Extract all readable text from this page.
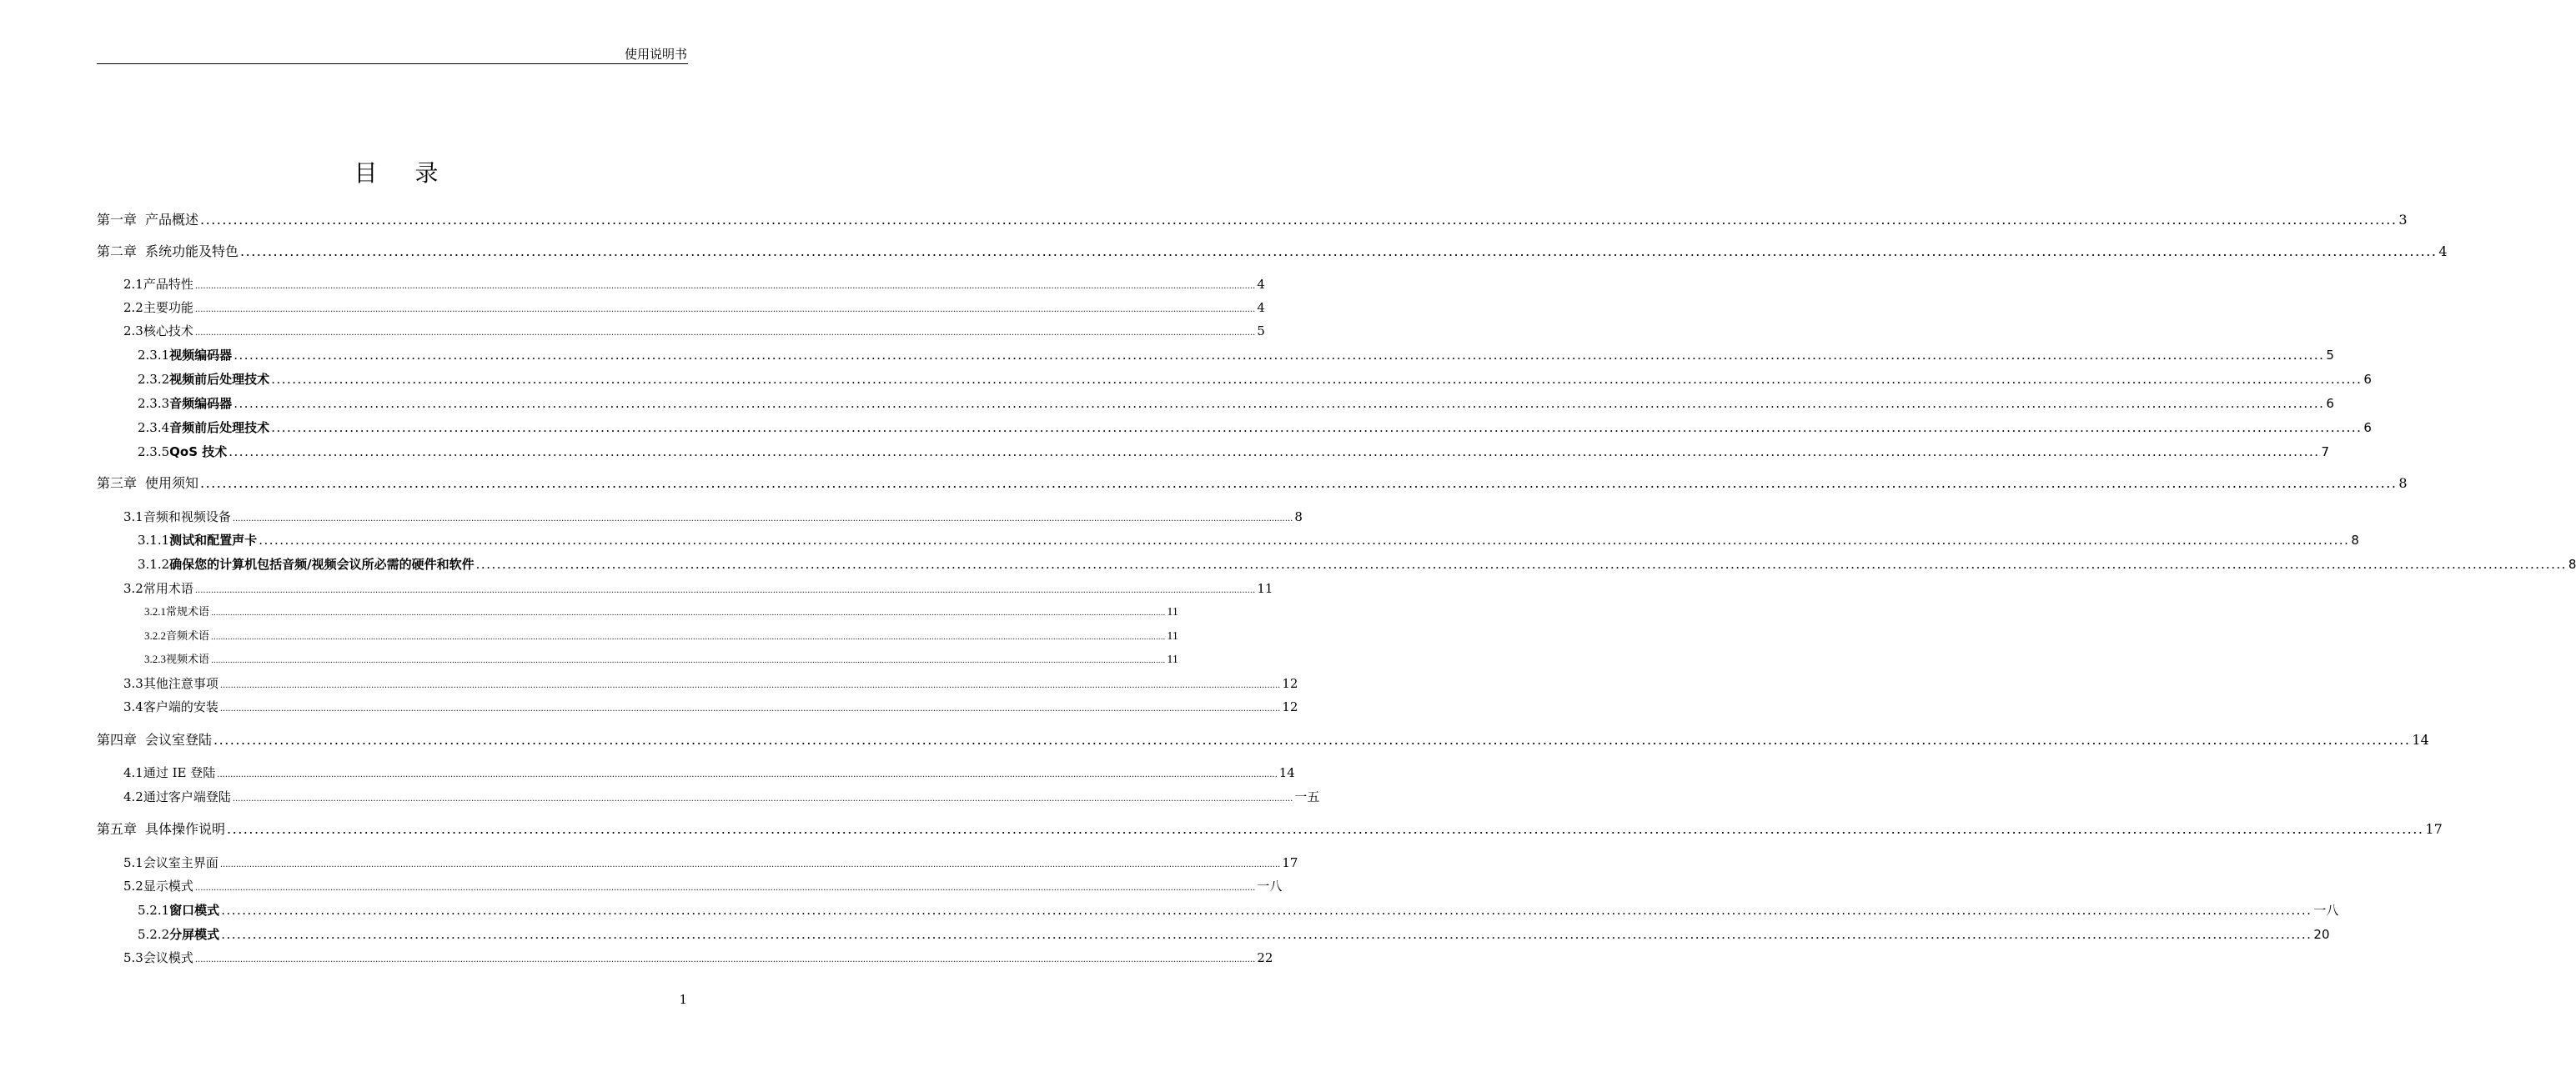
使用说明书
目 录
第一章 产品概述 ................................................................................................................................................................................................................................................................................................................................................................................................................ 3
第二章 系统功能及特色 ................................................................................................................................................................................................................................................................................................................................................................................................................ 4
2.1 产品特性 ................................................................................................................................................................................................................................................................................................................................................................................................................ 4
2.2 主要功能 ................................................................................................................................................................................................................................................................................................................................................................................................................ 4
2.3 核心技术 ................................................................................................................................................................................................................................................................................................................................................................................................................ 5
2.3.1 视频编码器 ................................................................................................................................................................................................................................................................................................................................................................................................................ 5
2.3.2 视频前后处理技术 ................................................................................................................................................................................................................................................................................................................................................................................................................ 6
2.3.3 音频编码器 ................................................................................................................................................................................................................................................................................................................................................................................................................ 6
2.3.4 音频前后处理技术 ................................................................................................................................................................................................................................................................................................................................................................................................................ 6
2.3.5 QoS 技术 ................................................................................................................................................................................................................................................................................................................................................................................................................ 7
第三章 使用须知 ................................................................................................................................................................................................................................................................................................................................................................................................................ 8
3.1 音频和视频设备 ................................................................................................................................................................................................................................................................................................................................................................................................................ 8
3.1.1 测试和配置声卡 ................................................................................................................................................................................................................................................................................................................................................................................................................ 8
3.1.2 确保您的计算机包括音频/视频会议所必需的硬件和软件 ................................................................................................................................................................................................................................................................................................................................................................................................................ 8
3.2 常用术语 ................................................................................................................................................................................................................................................................................................................................................................................................................ 11
3.2.1 常规术语 ................................................................................................................................................................................................................................................................................................................................................................................................................ 11
3.2.2 音频术语 ................................................................................................................................................................................................................................................................................................................................................................................................................ 11
3.2.3 视频术语 ................................................................................................................................................................................................................................................................................................................................................................................................................ 11
3.3 其他注意事项 ................................................................................................................................................................................................................................................................................................................................................................................................................ 12
3.4 客户端的安装 ................................................................................................................................................................................................................................................................................................................................................................................................................ 12
第四章 会议室登陆 ................................................................................................................................................................................................................................................................................................................................................................................................................ 14
4.1 通过 IE 登陆 ................................................................................................................................................................................................................................................................................................................................................................................................................ 14
4.2 通过客户端登陆 ................................................................................................................................................................................................................................................................................................................................................................................................................ 一五
第五章 具体操作说明 ................................................................................................................................................................................................................................................................................................................................................................................................................ 17
5.1 会议室主界面 ................................................................................................................................................................................................................................................................................................................................................................................................................ 17
5.2 显示模式 ................................................................................................................................................................................................................................................................................................................................................................................................................ 一八
5.2.1 窗口模式 ................................................................................................................................................................................................................................................................................................................................................................................................................ 一八
5.2.2 分屏模式 ................................................................................................................................................................................................................................................................................................................................................................................................................ 20
5.3 会议模式 ................................................................................................................................................................................................................................................................................................................................................................................................................ 22
1
